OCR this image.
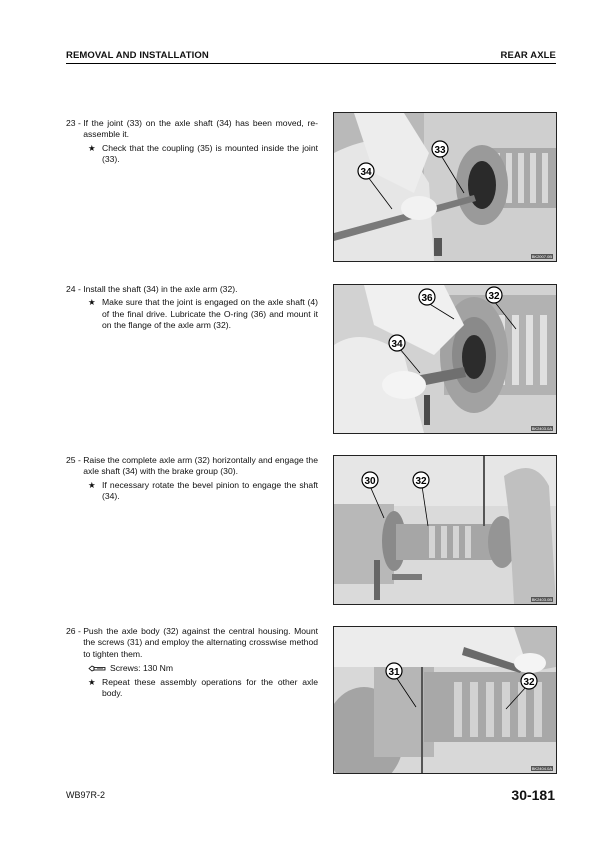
REMOVAL AND INSTALLATION	REAR AXLE
23 - If the joint (33) on the axle shaft (34) has been moved, re-assemble it.
★ Check that the coupling (35) is mounted inside the joint (33).
34
33
BK2007.0B
24 - Install the shaft (34) in the axle arm (32).
★ Make sure that the joint is engaged on the axle shaft (4) of the final drive. Lubricate the O-ring (36) and mount it on the flange of the axle arm (32).
36	32
34
BK2403.0A
25 - Raise the complete axle arm (32) horizontally and engage the axle shaft (34) with the brake group (30).
★ If necessary rotate the bevel pinion to engage the shaft (34).
30	32
BK2403.0B
26 - Push the axle body (32) against the central housing. Mount the screws (31) and employ the alternating crosswise method to tighten them.
Screws: 130 Nm
★ Repeat these assembly operations for the other axle body.
31
32
BK2404.0A
WB97R-2	30-181
